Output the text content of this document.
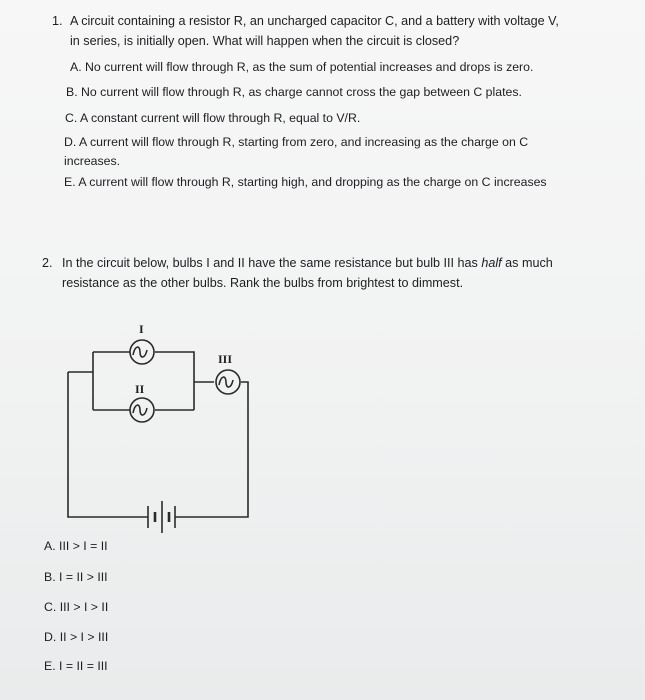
1. A circuit containing a resistor R, an uncharged capacitor C, and a battery with voltage V,
in series, is initially open. What will happen when the circuit is closed?
A. No current will flow through R, as the sum of potential increases and drops is zero.
B. No current will flow through R, as charge cannot cross the gap between C plates.
C. A constant current will flow through R, equal to V/R.
D. A current will flow through R, starting from zero, and increasing as the charge on C
increases.
E. A current will flow through R, starting high, and dropping as the charge on C increases
2. In the circuit below, bulbs I and II have the same resistance but bulb III has half as much
resistance as the other bulbs. Rank the bulbs from brightest to dimmest.
I
II
III
A. III > I = II
B. I = II > III
C. III > I > II
D. II > I > III
E. I = II = III
